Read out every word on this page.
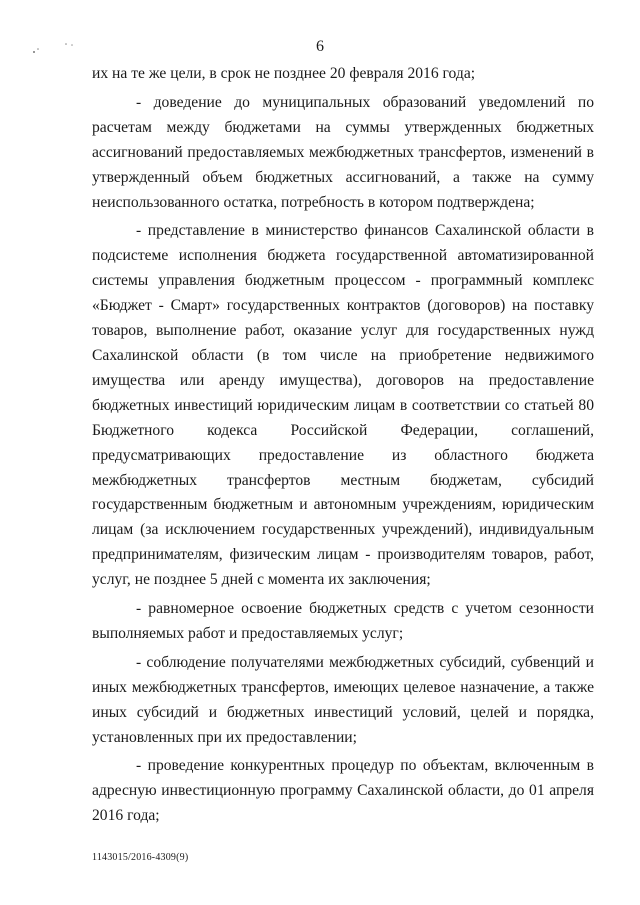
6

их на те же цели, в срок не позднее 20 февраля 2016 года;

- доведение до муниципальных образований уведомлений по расчетам между бюджетами на суммы утвержденных бюджетных ассигнований предоставляемых межбюджетных трансфертов, изменений в утвержденный объем бюджетных ассигнований, а также на сумму неиспользованного остатка, потребность в котором подтверждена;

- представление в министерство финансов Сахалинской области в подсистеме исполнения бюджета государственной автоматизированной системы управления бюджетным процессом - программный комплекс «Бюджет - Смарт» государственных контрактов (договоров) на поставку товаров, выполнение работ, оказание услуг для государственных нужд Сахалинской области (в том числе на приобретение недвижимого имущества или аренду имущества), договоров на предоставление бюджетных инвестиций юридическим лицам в соответствии со статьей 80 Бюджетного кодекса Российской Федерации, соглашений, предусматривающих предоставление из областного бюджета межбюджетных трансфертов местным бюджетам, субсидий государственным бюджетным и автономным учреждениям, юридическим лицам (за исключением государственных учреждений), индивидуальным предпринимателям, физическим лицам - производителям товаров, работ, услуг, не позднее 5 дней с момента их заключения;

- равномерное освоение бюджетных средств с учетом сезонности выполняемых работ и предоставляемых услуг;

- соблюдение получателями межбюджетных субсидий, субвенций и иных межбюджетных трансфертов, имеющих целевое назначение, а также иных субсидий и бюджетных инвестиций условий, целей и порядка, установленных при их предоставлении;

- проведение конкурентных процедур по объектам, включенным в адресную инвестиционную программу Сахалинской области, до 01 апреля 2016 года;

1143015/2016-4309(9)
